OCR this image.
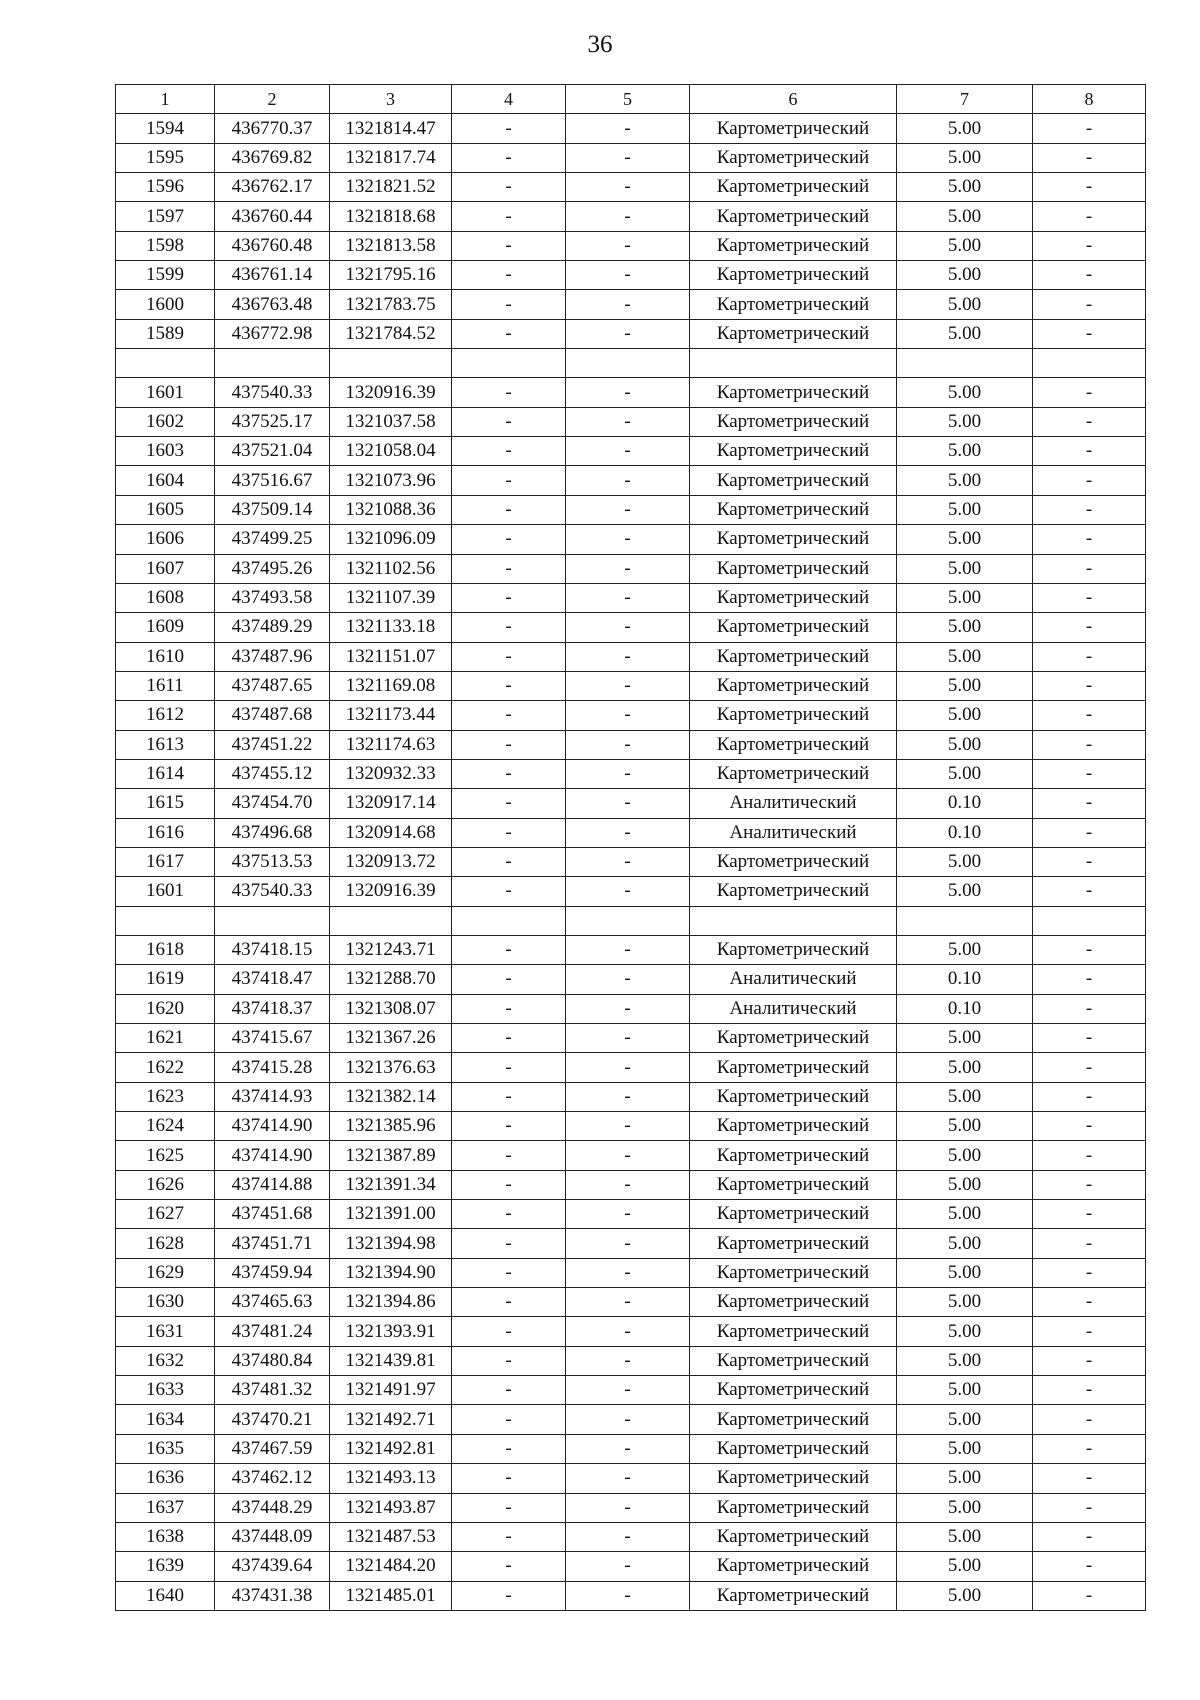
36
1	2	3	4	5	6	7	8
1594	436770.37	1321814.47	-	-	Картометрический	5.00	-
1595	436769.82	1321817.74	-	-	Картометрический	5.00	-
1596	436762.17	1321821.52	-	-	Картометрический	5.00	-
1597	436760.44	1321818.68	-	-	Картометрический	5.00	-
1598	436760.48	1321813.58	-	-	Картометрический	5.00	-
1599	436761.14	1321795.16	-	-	Картометрический	5.00	-
1600	436763.48	1321783.75	-	-	Картометрический	5.00	-
1589	436772.98	1321784.52	-	-	Картометрический	5.00	-

1601	437540.33	1320916.39	-	-	Картометрический	5.00	-
1602	437525.17	1321037.58	-	-	Картометрический	5.00	-
1603	437521.04	1321058.04	-	-	Картометрический	5.00	-
1604	437516.67	1321073.96	-	-	Картометрический	5.00	-
1605	437509.14	1321088.36	-	-	Картометрический	5.00	-
1606	437499.25	1321096.09	-	-	Картометрический	5.00	-
1607	437495.26	1321102.56	-	-	Картометрический	5.00	-
1608	437493.58	1321107.39	-	-	Картометрический	5.00	-
1609	437489.29	1321133.18	-	-	Картометрический	5.00	-
1610	437487.96	1321151.07	-	-	Картометрический	5.00	-
1611	437487.65	1321169.08	-	-	Картометрический	5.00	-
1612	437487.68	1321173.44	-	-	Картометрический	5.00	-
1613	437451.22	1321174.63	-	-	Картометрический	5.00	-
1614	437455.12	1320932.33	-	-	Картометрический	5.00	-
1615	437454.70	1320917.14	-	-	Аналитический	0.10	-
1616	437496.68	1320914.68	-	-	Аналитический	0.10	-
1617	437513.53	1320913.72	-	-	Картометрический	5.00	-
1601	437540.33	1320916.39	-	-	Картометрический	5.00	-

1618	437418.15	1321243.71	-	-	Картометрический	5.00	-
1619	437418.47	1321288.70	-	-	Аналитический	0.10	-
1620	437418.37	1321308.07	-	-	Аналитический	0.10	-
1621	437415.67	1321367.26	-	-	Картометрический	5.00	-
1622	437415.28	1321376.63	-	-	Картометрический	5.00	-
1623	437414.93	1321382.14	-	-	Картометрический	5.00	-
1624	437414.90	1321385.96	-	-	Картометрический	5.00	-
1625	437414.90	1321387.89	-	-	Картометрический	5.00	-
1626	437414.88	1321391.34	-	-	Картометрический	5.00	-
1627	437451.68	1321391.00	-	-	Картометрический	5.00	-
1628	437451.71	1321394.98	-	-	Картометрический	5.00	-
1629	437459.94	1321394.90	-	-	Картометрический	5.00	-
1630	437465.63	1321394.86	-	-	Картометрический	5.00	-
1631	437481.24	1321393.91	-	-	Картометрический	5.00	-
1632	437480.84	1321439.81	-	-	Картометрический	5.00	-
1633	437481.32	1321491.97	-	-	Картометрический	5.00	-
1634	437470.21	1321492.71	-	-	Картометрический	5.00	-
1635	437467.59	1321492.81	-	-	Картометрический	5.00	-
1636	437462.12	1321493.13	-	-	Картометрический	5.00	-
1637	437448.29	1321493.87	-	-	Картометрический	5.00	-
1638	437448.09	1321487.53	-	-	Картометрический	5.00	-
1639	437439.64	1321484.20	-	-	Картометрический	5.00	-
1640	437431.38	1321485.01	-	-	Картометрический	5.00	-
